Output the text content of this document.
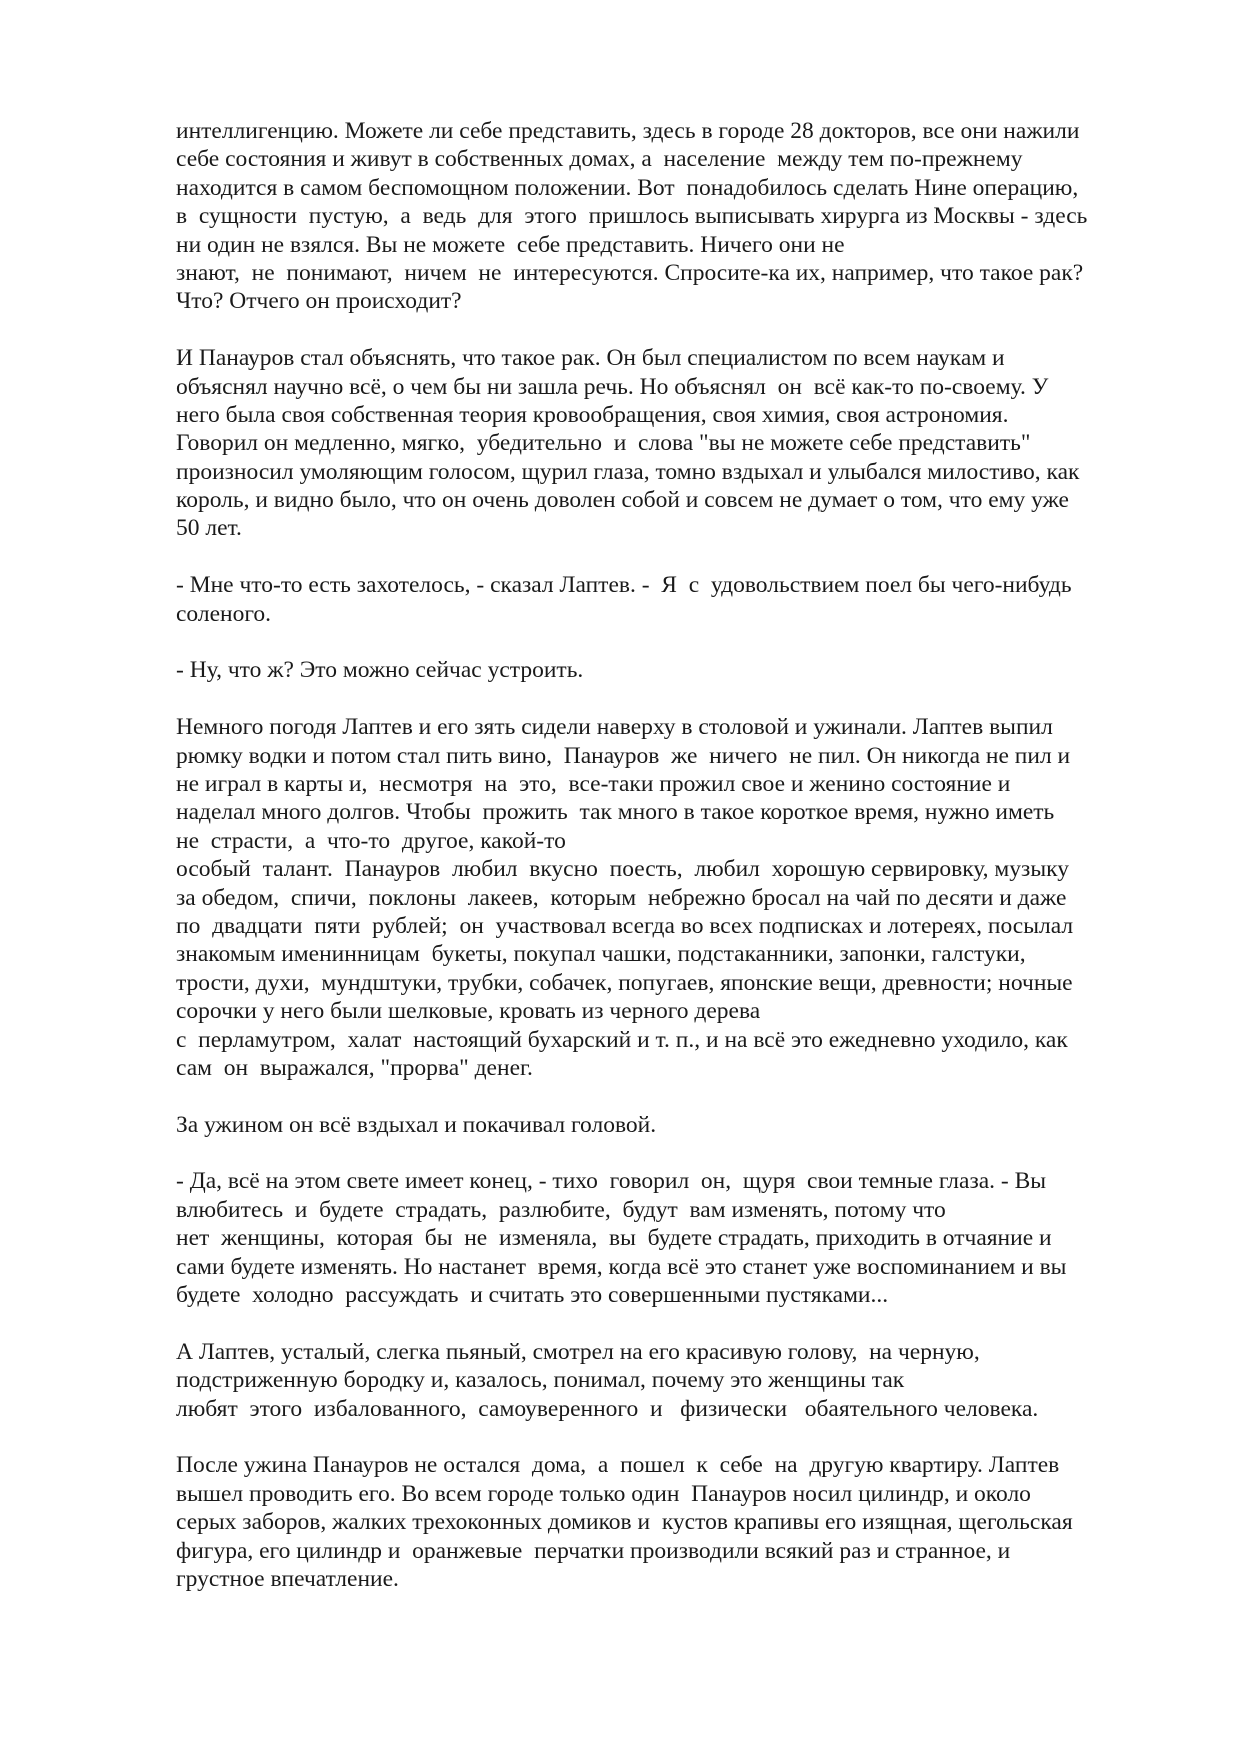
интеллигенцию. Можете ли себе представить, здесь в городе 28 докторов, все они нажили
себе состояния и живут в собственных домах, а  население  между тем по-прежнему
находится в самом беспомощном положении. Вот  понадобилось сделать Нине операцию,
в  сущности  пустую,  а  ведь  для  этого  пришлось выписывать хирурга из Москвы - здесь
ни один не взялся. Вы не можете  себе представить. Ничего они не
знают,  не  понимают,  ничем  не  интересуются. Спросите-ка их, например, что такое рак?
Что? Отчего он происходит?
И Панауров стал объяснять, что такое рак. Он был специалистом по всем наукам и
объяснял научно всё, о чем бы ни зашла речь. Но объяснял  он  всё как-то по-своему. У
него была своя собственная теория кровообращения, своя химия, своя астрономия.
Говорил он медленно, мягко,  убедительно  и  слова "вы не можете себе представить"
произносил умоляющим голосом, щурил глаза, томно вздыхал и улыбался милостиво, как
король, и видно было, что он очень доволен собой и совсем не думает о том, что ему уже
50 лет.
- Мне что-то есть захотелось, - сказал Лаптев. -  Я  с  удовольствием поел бы чего-нибудь
соленого.
- Ну, что ж? Это можно сейчас устроить.
Немного погодя Лаптев и его зять сидели наверху в столовой и ужинали. Лаптев выпил
рюмку водки и потом стал пить вино,  Панауров  же  ничего  не пил. Он никогда не пил и
не играл в карты и,  несмотря  на  это,  все-таки прожил свое и женино состояние и
наделал много долгов. Чтобы  прожить  так много в такое короткое время, нужно иметь
не  страсти,  а  что-то  другое, какой-то
особый  талант.  Панауров  любил  вкусно  поесть,  любил  хорошую сервировку, музыку
за обедом,  спичи,  поклоны  лакеев,  которым  небрежно бросал на чай по десяти и даже
по  двадцати  пяти  рублей;  он  участвовал всегда во всех подписках и лотереях, посылал
знакомым именинницам  букеты, покупал чашки, подстаканники, запонки, галстуки,
трости, духи,  мундштуки, трубки, собачек, попугаев, японские вещи, древности; ночные
сорочки у него были шелковые, кровать из черного дерева
с  перламутром,  халат  настоящий бухарский и т. п., и на всё это ежедневно уходило, как
сам  он  выражался, "прорва" денег.
За ужином он всё вздыхал и покачивал головой.
- Да, всё на этом свете имеет конец, - тихо  говорил  он,  щуря  свои темные глаза. - Вы
влюбитесь  и  будете  страдать,  разлюбите,  будут  вам изменять, потому что
нет  женщины,  которая  бы  не  изменяла,  вы  будете страдать, приходить в отчаяние и
сами будете изменять. Но настанет  время, когда всё это станет уже воспоминанием и вы
будете  холодно  рассуждать  и считать это совершенными пустяками...
А Лаптев, усталый, слегка пьяный, смотрел на его красивую голову,  на черную,
подстриженную бородку и, казалось, понимал, почему это женщины так
любят  этого  избалованного,  самоуверенного  и   физически   обаятельного человека.
После ужина Панауров не остался  дома,  а  пошел  к  себе  на  другую квартиру. Лаптев
вышел проводить его. Во всем городе только один  Панауров носил цилиндр, и около
серых заборов, жалких трехоконных домиков и  кустов крапивы его изящная, щегольская
фигура, его цилиндр и  оранжевые  перчатки производили всякий раз и странное, и
грустное впечатление.
